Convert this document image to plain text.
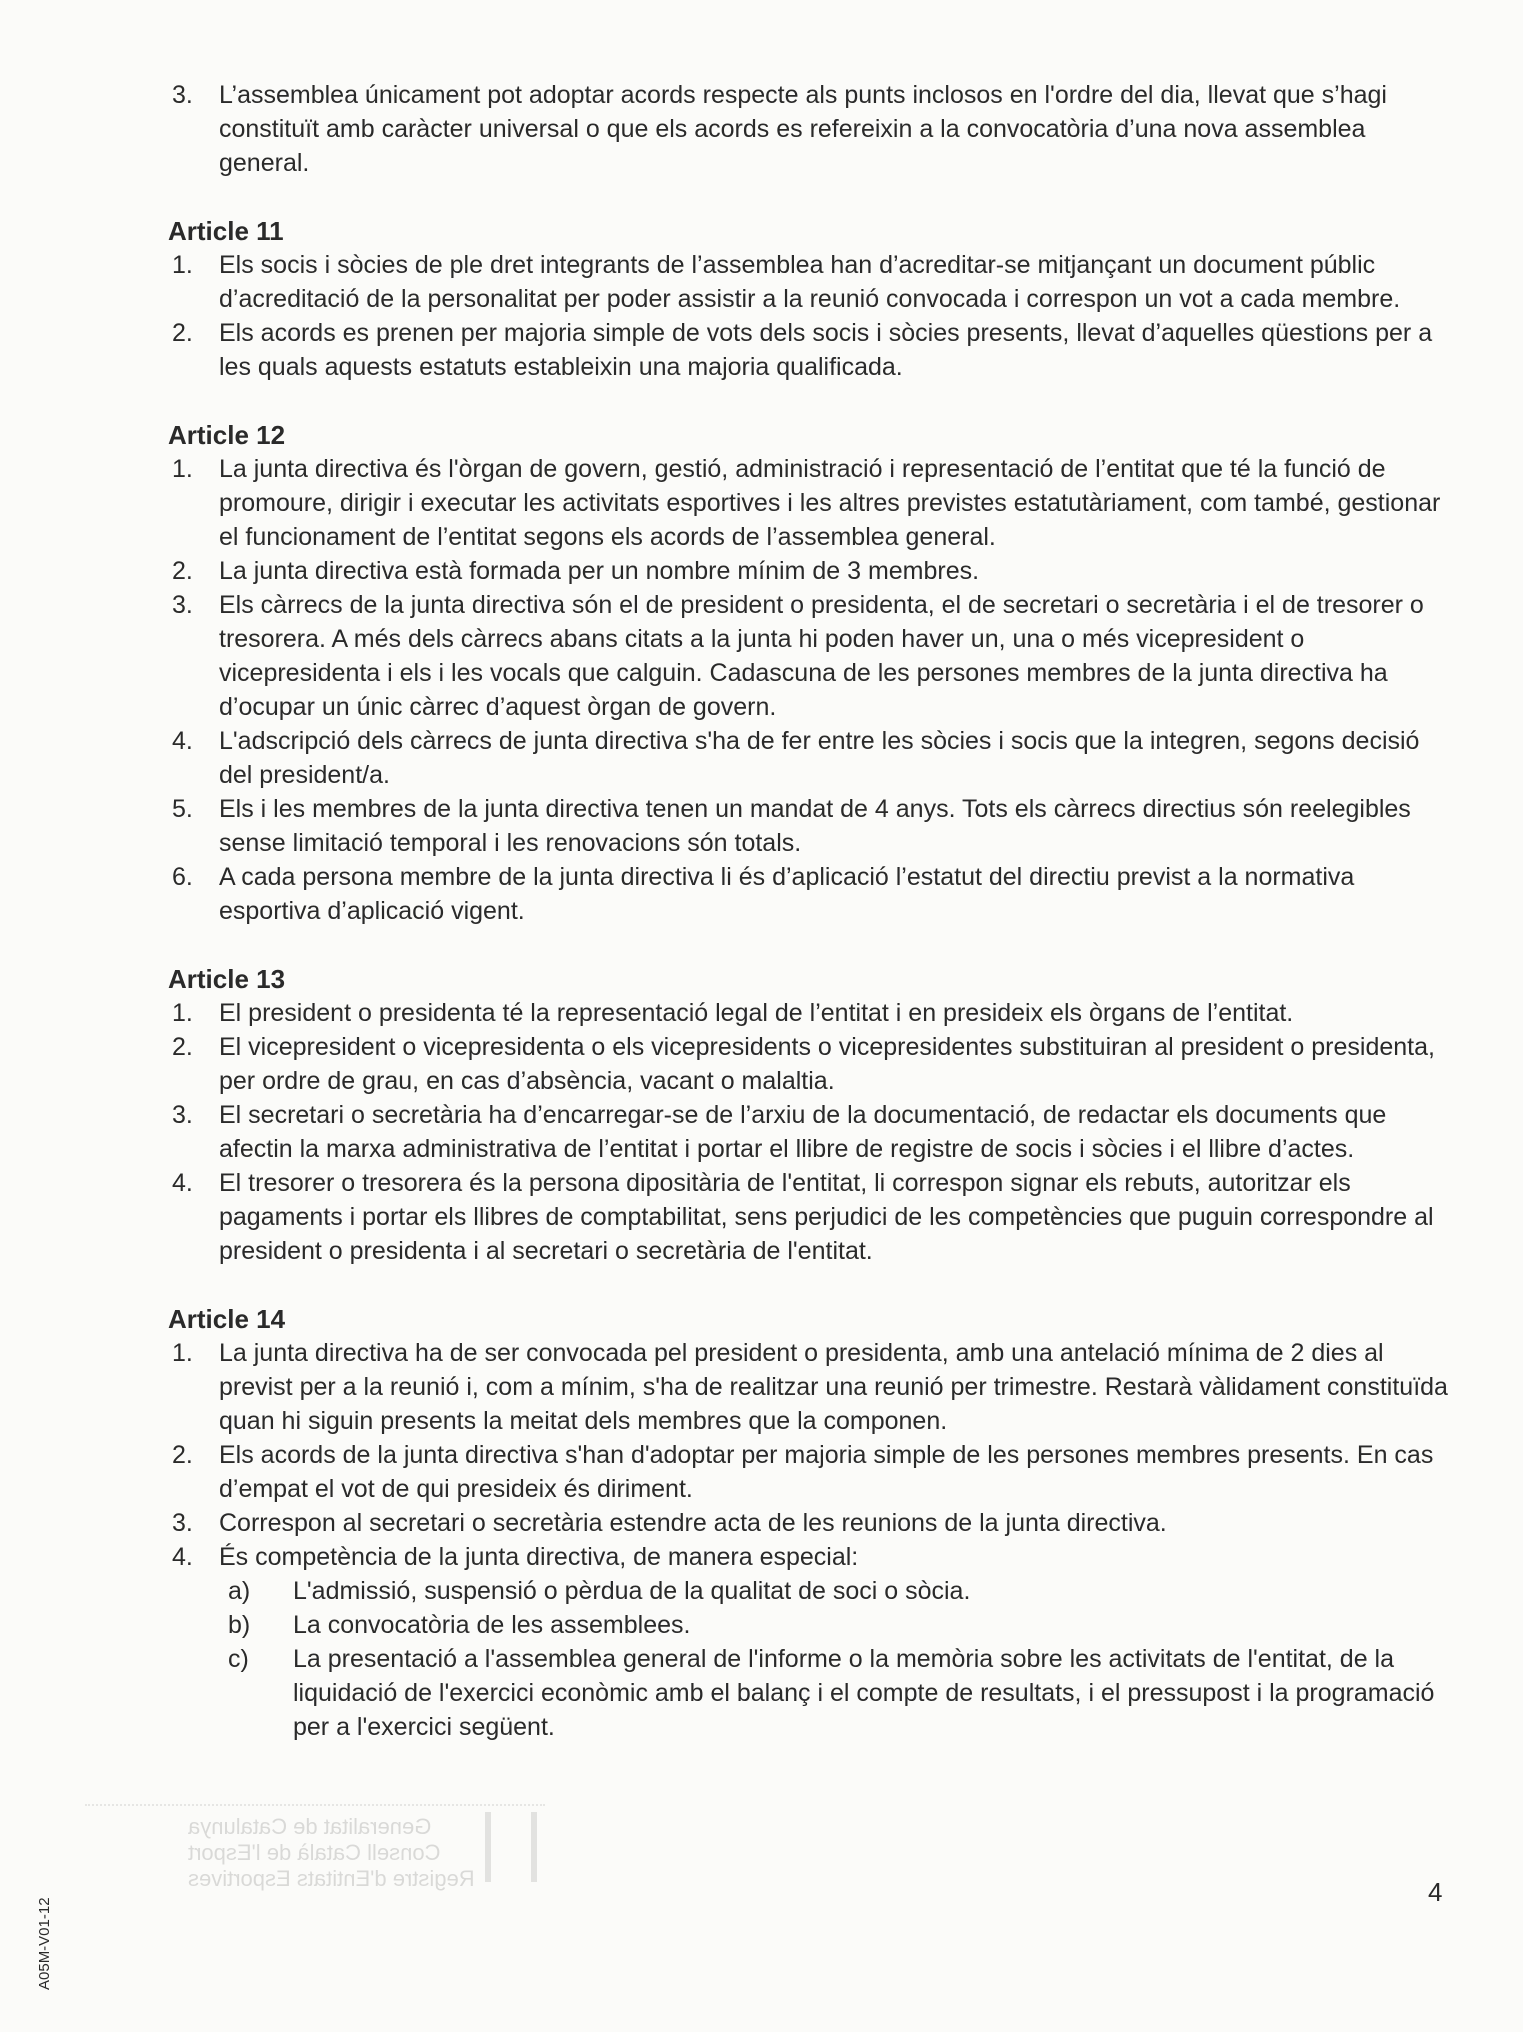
3. L’assemblea únicament pot adoptar acords respecte als punts inclosos en l'ordre del dia, llevat que s’hagi constituït amb caràcter universal o que els acords es refereixin a la convocatòria d’una nova assemblea general.
Article 11
1. Els socis i sòcies de ple dret integrants de l’assemblea han d’acreditar-se mitjançant un document públic d’acreditació de la personalitat per poder assistir a la reunió convocada i correspon un vot a cada membre.
2. Els acords es prenen per majoria simple de vots dels socis i sòcies presents, llevat d’aquelles qüestions per a les quals aquests estatuts estableixin una majoria qualificada.
Article 12
1. La junta directiva és l'òrgan de govern, gestió, administració i representació de l’entitat que té la funció de promoure, dirigir i executar les activitats esportives i les altres previstes estatutàriament, com també, gestionar el funcionament de l’entitat segons els acords de l’assemblea general.
2. La junta directiva està formada per un nombre mínim de 3 membres.
3. Els càrrecs de la junta directiva són el de president o presidenta, el de secretari o secretària i el de tresorer o tresorera. A més dels càrrecs abans citats a la junta hi poden haver un, una o més vicepresident o vicepresidenta i els i les vocals que calguin. Cadascuna de les persones membres de la junta directiva ha d’ocupar un únic càrrec d’aquest òrgan de govern.
4. L'adscripció dels càrrecs de junta directiva s'ha de fer entre les sòcies i socis que la integren, segons decisió del president/a.
5. Els i les membres de la junta directiva tenen un mandat de 4 anys. Tots els càrrecs directius són reelegibles sense limitació temporal i les renovacions són totals.
6. A cada persona membre de la junta directiva li és d’aplicació l’estatut del directiu previst a la normativa esportiva d’aplicació vigent.
Article 13
1. El president o presidenta té la representació legal de l’entitat i en presideix els òrgans de l’entitat.
2. El vicepresident o vicepresidenta o els vicepresidents o vicepresidentes substituiran al president o presidenta, per ordre de grau, en cas d’absència, vacant o malaltia.
3. El secretari o secretària ha d’encarregar-se de l’arxiu de la documentació, de redactar els documents que afectin la marxa administrativa de l’entitat i portar el llibre de registre de socis i sòcies i el llibre d’actes.
4. El tresorer o tresorera és la persona dipositària de l'entitat, li correspon signar els rebuts, autoritzar els pagaments i portar els llibres de comptabilitat, sens perjudici de les competències que puguin correspondre al president o presidenta i al secretari o secretària de l'entitat.
Article 14
1. La junta directiva ha de ser convocada pel president o presidenta, amb una antelació mínima de 2 dies al previst per a la reunió i, com a mínim, s'ha de realitzar una reunió per trimestre. Restarà vàlidament constituïda quan hi siguin presents la meitat dels membres que la componen.
2. Els acords de la junta directiva s'han d'adoptar per majoria simple de les persones membres presents. En cas d’empat el vot de qui presideix és diriment.
3. Correspon al secretari o secretària estendre acta de les reunions de la junta directiva.
4. És competència de la junta directiva, de manera especial:
a) L'admissió, suspensió o pèrdua de la qualitat de soci o sòcia.
b) La convocatòria de les assemblees.
c) La presentació a l'assemblea general de l'informe o la memòria sobre les activitats de l'entitat, de la liquidació de l'exercici econòmic amb el balanç i el compte de resultats, i el pressupost i la programació per a l'exercici següent.
Generalitat de Catalunya
Consell Català de l'Esport
Registre d'Entitats Esportives	4
A05M-V01-12
